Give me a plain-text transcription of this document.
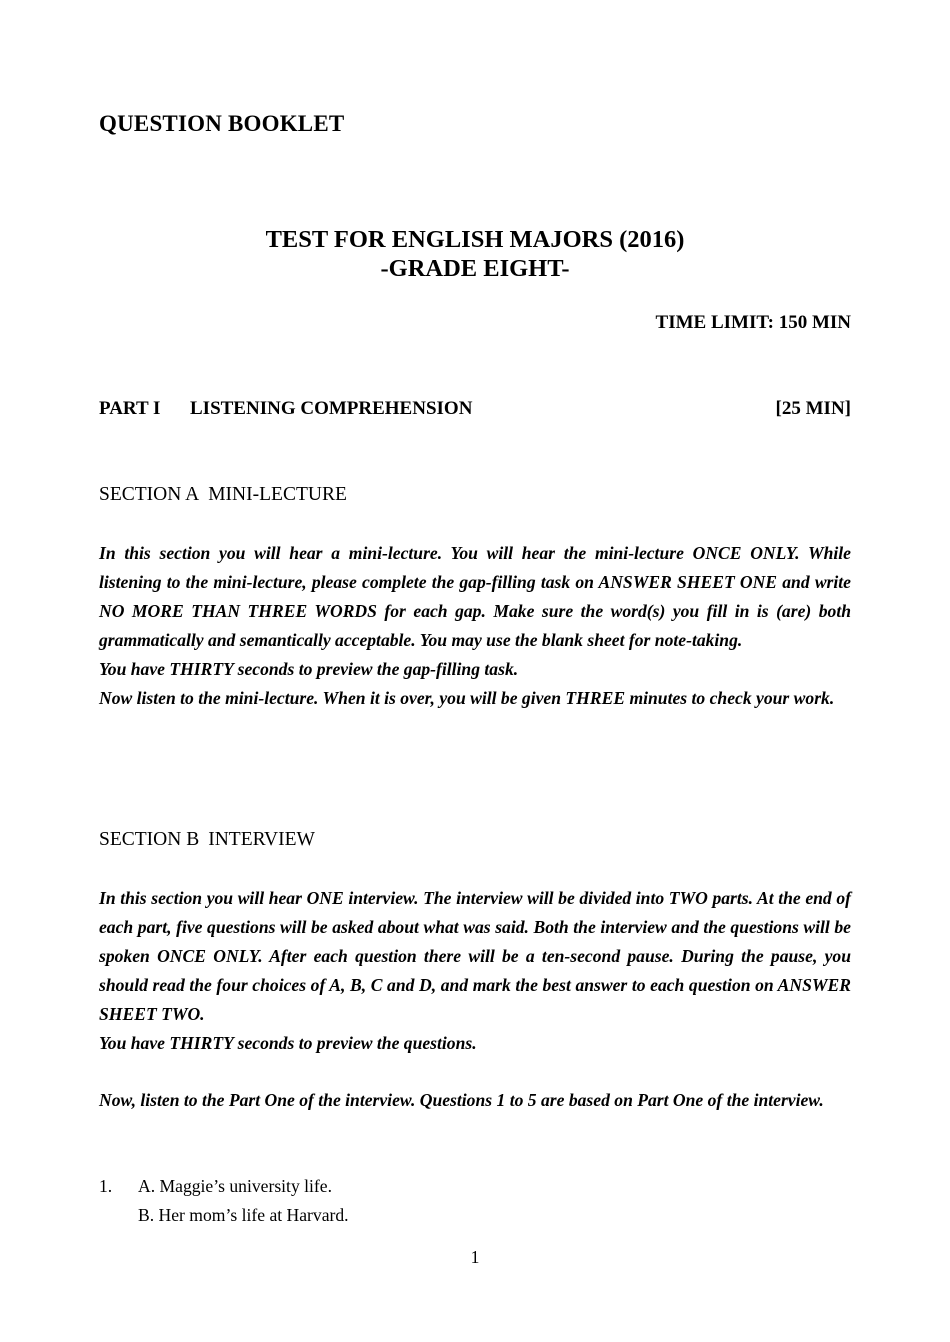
QUESTION BOOKLET
TEST FOR ENGLISH MAJORS (2016)
-GRADE EIGHT-
TIME LIMIT: 150 MIN
PART I LISTENING COMPREHENSION	[25 MIN]
SECTION A MINI-LECTURE

In this section you will hear a mini-lecture. You will hear the mini-lecture ONCE ONLY. While listening to the mini-lecture, please complete the gap-filling task on ANSWER SHEET ONE and write NO MORE THAN THREE WORDS for each gap. Make sure the word(s) you fill in is (are) both grammatically and semantically acceptable. You may use the blank sheet for note-taking.

You have THIRTY seconds to preview the gap-filling task.

Now listen to the mini-lecture. When it is over, you will be given THREE minutes to check your work.

SECTION B INTERVIEW

In this section you will hear ONE interview. The interview will be divided into TWO parts. At the end of each part, five questions will be asked about what was said. Both the interview and the questions will be spoken ONCE ONLY. After each question there will be a ten-second pause. During the pause, you should read the four choices of A, B, C and D, and mark the best answer to each question on ANSWER SHEET TWO.

You have THIRTY seconds to preview the questions.

Now, listen to the Part One of the interview. Questions 1 to 5 are based on Part One of the interview.

1. A. Maggie’s university life.
B. Her mom’s life at Harvard.
1
